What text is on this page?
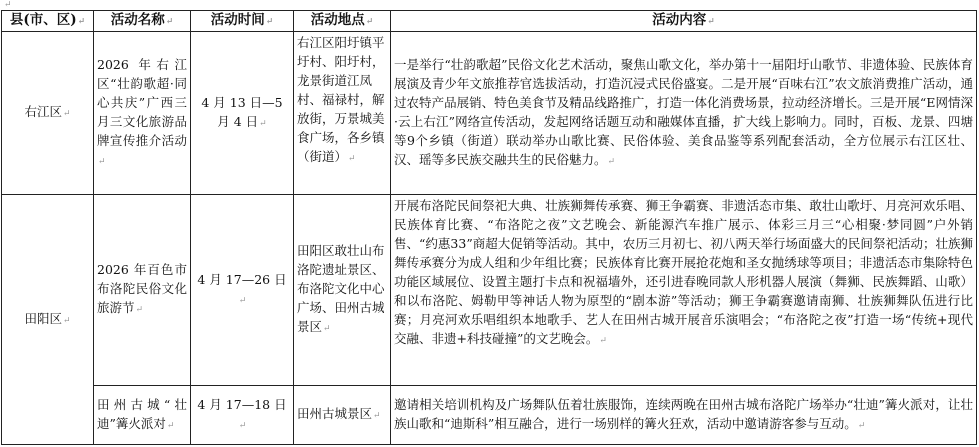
↵
县(市、区)↵	活动名称↵	活动时间↵	活动地点↵	活动内容↵
右江区↵	2026 年右江区“壮韵歌超·同心共庆”广西三月三文化旅游品牌宣传推介活动↵	4 月 13 日—5 月 4 日↵	右江区阳圩镇平圩村、阳圩村，龙景街道江凤村、福禄村，解放街，万景城美食广场，各乡镇（街道）↵	一是举行“壮韵歌超”民俗文化艺术活动，聚焦山歌文化，举办第十一届阳圩山歌节、非遗体验、民族体育展演及青少年文旅推荐官选拔活动，打造沉浸式民俗盛宴。二是开展“百味右江”农文旅消费推广活动，通过农特产品展销、特色美食节及精品线路推广，打造一体化消费场景，拉动经济增长。三是开展“E网情深·云上右江”网络宣传活动，发起网络话题互动和融媒体直播，扩大线上影响力。同时，百板、龙景、四塘等9个乡镇（街道）联动举办山歌比赛、民俗体验、美食品鉴等系列配套活动，全方位展示右江区壮、汉、瑶等多民族交融共生的民俗魅力。↵
田阳区↵	2026 年百色市布洛陀民俗文化旅游节↵	4 月 17—26 日↵	田阳区敢壮山布洛陀遗址景区、布洛陀文化中心广场、田州古城景区↵	开展布洛陀民间祭祀大典、壮族狮舞传承赛、狮王争霸赛、非遗活态市集、敢壮山歌圩、月亮河欢乐唱、民族体育比赛、“布洛陀之夜”文艺晚会、新能源汽车推广展示、体彩三月三“心相聚·梦同圆”户外销售、“约惠33”商超大促销等活动。其中，农历三月初七、初八两天举行场面盛大的民间祭祀活动；壮族狮舞传承赛分为成人组和少年组比赛；民族体育比赛开展抢花炮和圣女抛绣球等项目；非遗活态市集除特色功能区域展位、设置主题打卡点和祝福墙外，还引进春晚同款人形机器人展演（舞狮、民族舞蹈、山歌）和以布洛陀、姆勒甲等神话人物为原型的“剧本游”等活动；狮王争霸赛邀请南狮、壮族狮舞队伍进行比赛；月亮河欢乐唱组织本地歌手、艺人在田州古城开展音乐演唱会；“布洛陀之夜”打造一场“传统+现代交融、非遗+科技碰撞”的文艺晚会。↵
	田州古城“壮迪”篝火派对↵	4 月 17—18 日↵	田州古城景区↵	邀请相关培训机构及广场舞队伍着壮族服饰，连续两晚在田州古城布洛陀广场举办“壮迪”篝火派对，让壮族山歌和“迪斯科”相互融合，进行一场别样的篝火狂欢，活动中邀请游客参与互动。↵
